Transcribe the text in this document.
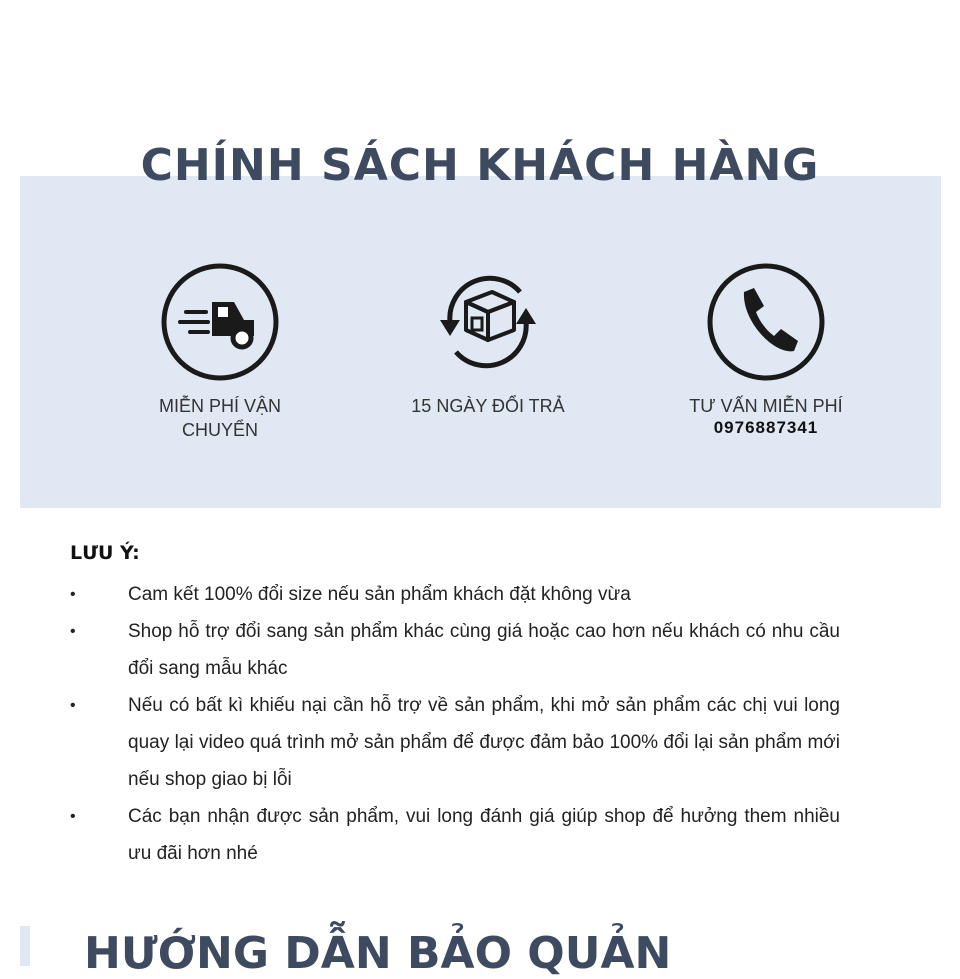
CHÍNH SÁCH KHÁCH HÀNG
MIỄN PHÍ VẬN CHUYỂN
15 NGÀY ĐỔI TRẢ	TƯ VẤN MIỄN PHÍ
0976887341
LƯU Ý:
•	Cam kết 100% đổi size nếu sản phẩm khách đặt không vừa
•	Shop hỗ trợ đổi sang sản phẩm khác cùng giá hoặc cao hơn nếu khách có nhu cầu đổi sang mẫu khác
•	Nếu có bất kì khiếu nại cần hỗ trợ về sản phẩm, khi mở sản phẩm các chị vui long quay lại video quá trình mở sản phẩm để được đảm bảo 100% đổi lại sản phẩm mới nếu shop giao bị lỗi
•	Các bạn nhận được sản phẩm, vui long đánh giá giúp shop để hưởng them nhiều ưu đãi hơn nhé
HƯỚNG DẪN BẢO QUẢN
